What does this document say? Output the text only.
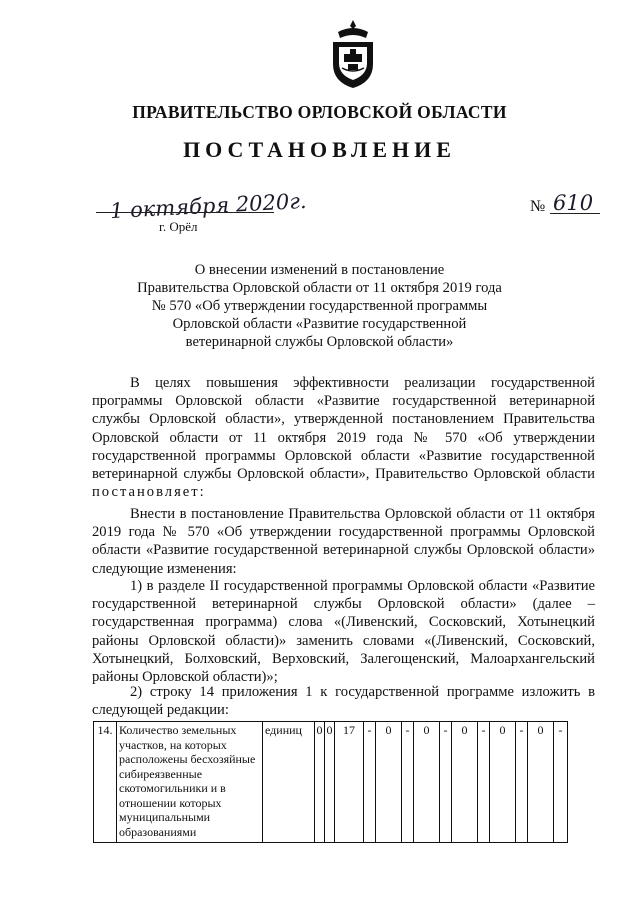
ПРАВИТЕЛЬСТВО ОРЛОВСКОЙ ОБЛАСТИ
ПОСТАНОВЛЕНИЕ
1 октября 2020г.	№ 610
г. Орёл
О внесении изменений в постановление
Правительства Орловской области от 11 октября 2019 года
№ 570 «Об утверждении государственной программы
Орловской области «Развитие государственной
ветеринарной службы Орловской области»

В целях повышения эффективности реализации государственной программы Орловской области «Развитие государственной ветеринарной службы Орловской области», утвержденной постановлением Правительства Орловской области от 11 октября 2019 года № 570 «Об утверждении государственной программы Орловской области «Развитие государственной ветеринарной службы Орловской области», Правительство Орловской области постановляет:

Внести в постановление Правительства Орловской области от 11 октября 2019 года № 570 «Об утверждении государственной программы Орловской области «Развитие государственной ветеринарной службы Орловской области» следующие изменения:

1) в разделе II государственной программы Орловской области «Развитие государственной ветеринарной службы Орловской области» (далее – государственная программа) слова «(Ливенский, Сосковский, Хотынецкий районы Орловской области)» заменить словами «(Ливенский, Сосковский, Хотынецкий, Болховский, Верховский, Залегощенский, Малоархангельский районы Орловской области)»;

2) строку 14 приложения 1 к государственной программе изложить в следующей редакции:

14.	Количество земельных участков, на которых расположены бесхозяйные сибиреязвенные скотомогильники и в отношении которых муниципальными образованиями	единиц	0	0	17	-	0	-	0	-	0	-	0	-	0	-
